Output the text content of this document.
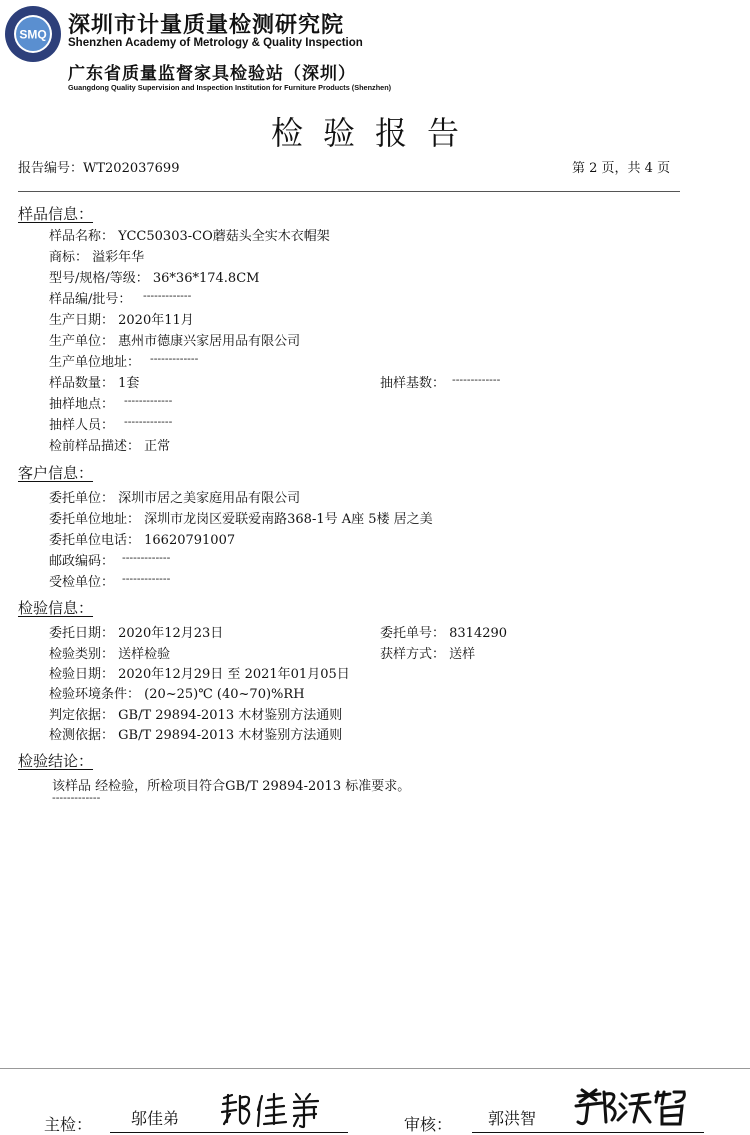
SMQ 深圳市计量质量检测研究院
Shenzhen Academy of Metrology & Quality Inspection
广东省质量监督家具检验站（深圳）
Guangdong Quality Supervision and Inspection Institution for Furniture Products (Shenzhen)
检验报告
报告编号：WT202037699	第 2 页，共 4 页
样品信息：
样品名称： YCC50303-CO蘑菇头全实木衣帽架
商标： 溢彩年华
型号/规格/等级： 36*36*174.8CM
样品编/批号： -------------
生产日期： 2020年11月
生产单位： 惠州市德康兴家居用品有限公司
生产单位地址： -------------
样品数量： 1套	抽样基数： -------------
抽样地点： -------------
抽样人员： -------------
检前样品描述： 正常
客户信息：
委托单位： 深圳市居之美家庭用品有限公司
委托单位地址： 深圳市龙岗区爱联爱南路368-1号 A座 5楼 居之美
委托单位电话： 16620791007
邮政编码： -------------
受检单位： -------------
检验信息：
委托日期： 2020年12月23日	委托单号： 8314290
检验类别： 送样检验	获样方式： 送样
检验日期： 2020年12月29日 至 2021年01月05日
检验环境条件： (20~25)℃ (40~70)%RH
判定依据： GB/T 29894-2013 木材鉴别方法通则
检测依据： GB/T 29894-2013 木材鉴别方法通则
检验结论：
该样品 经检验，所检项目符合GB/T 29894-2013 标准要求。
-------------
主检： 邬佳弟	审核： 郭洪智
